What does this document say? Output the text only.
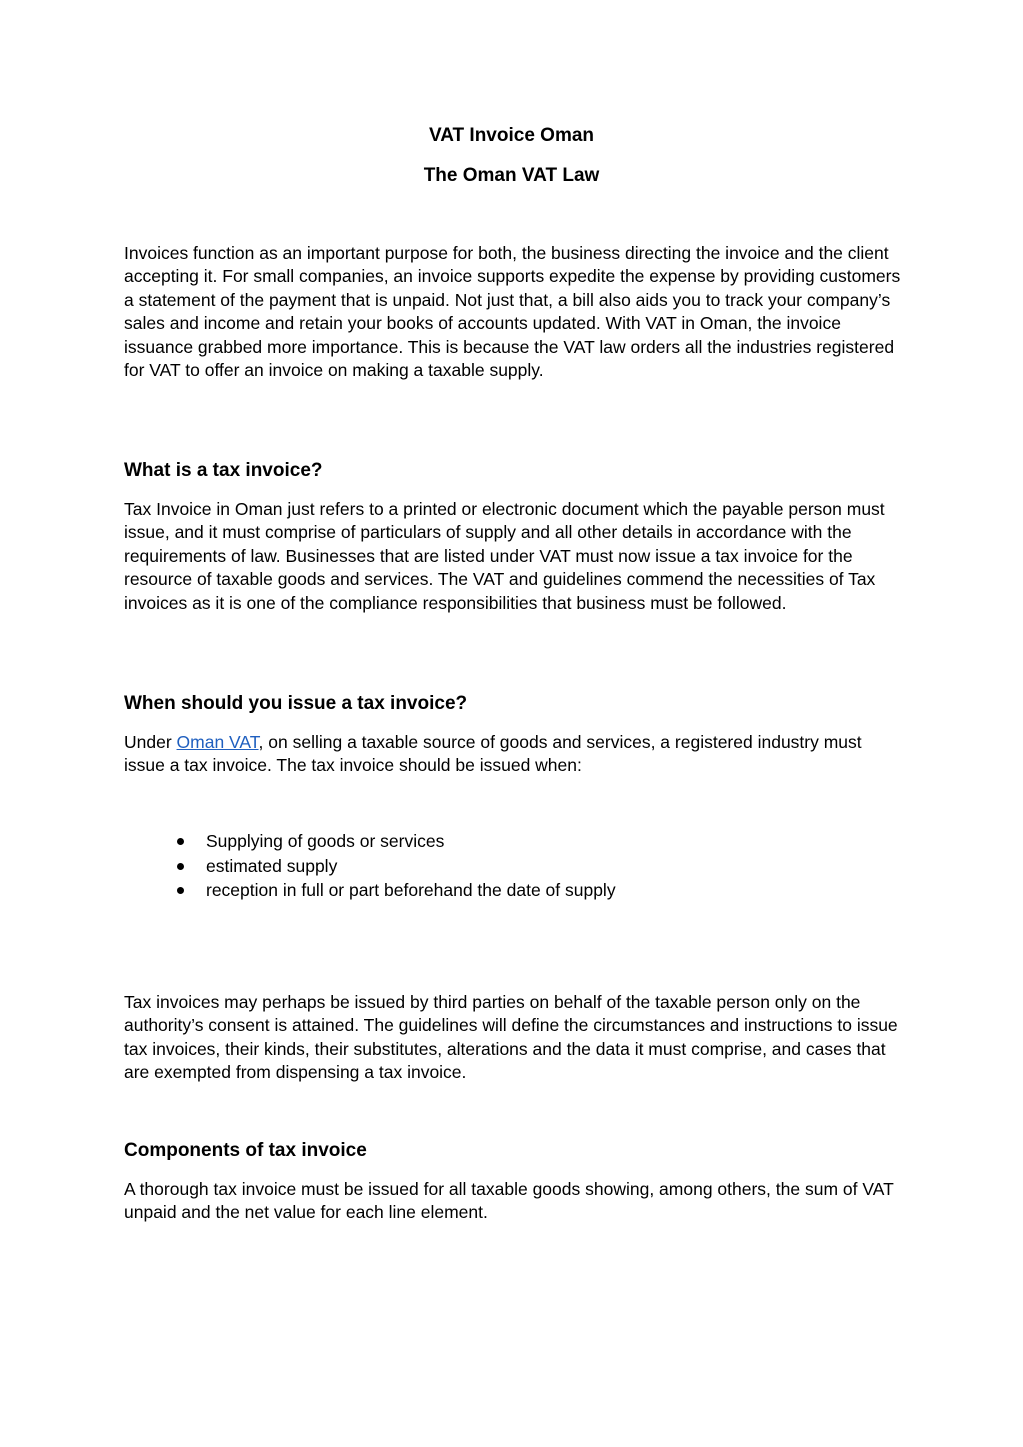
VAT Invoice Oman
The Oman VAT Law

Invoices function as an important purpose for both, the business directing the invoice and the client accepting it. For small companies, an invoice supports expedite the expense by providing customers a statement of the payment that is unpaid. Not just that, a bill also aids you to track your company’s sales and income and retain your books of accounts updated. With VAT in Oman, the invoice issuance grabbed more importance. This is because the VAT law orders all the industries registered for VAT to offer an invoice on making a taxable supply.

What is a tax invoice?

Tax Invoice in Oman just refers to a printed or electronic document which the payable person must issue, and it must comprise of particulars of supply and all other details in accordance with the requirements of law. Businesses that are listed under VAT must now issue a tax invoice for the resource of taxable goods and services. The VAT and guidelines commend the necessities of Tax invoices as it is one of the compliance responsibilities that business must be followed.

When should you issue a tax invoice?

Under Oman VAT, on selling a taxable source of goods and services, a registered industry must issue a tax invoice. The tax invoice should be issued when:

Supplying of goods or services
estimated supply
reception in full or part beforehand the date of supply

Tax invoices may perhaps be issued by third parties on behalf of the taxable person only on the authority’s consent is attained. The guidelines will define the circumstances and instructions to issue tax invoices, their kinds, their substitutes, alterations and the data it must comprise, and cases that are exempted from dispensing a tax invoice.

Components of tax invoice

A thorough tax invoice must be issued for all taxable goods showing, among others, the sum of VAT unpaid and the net value for each line element.
